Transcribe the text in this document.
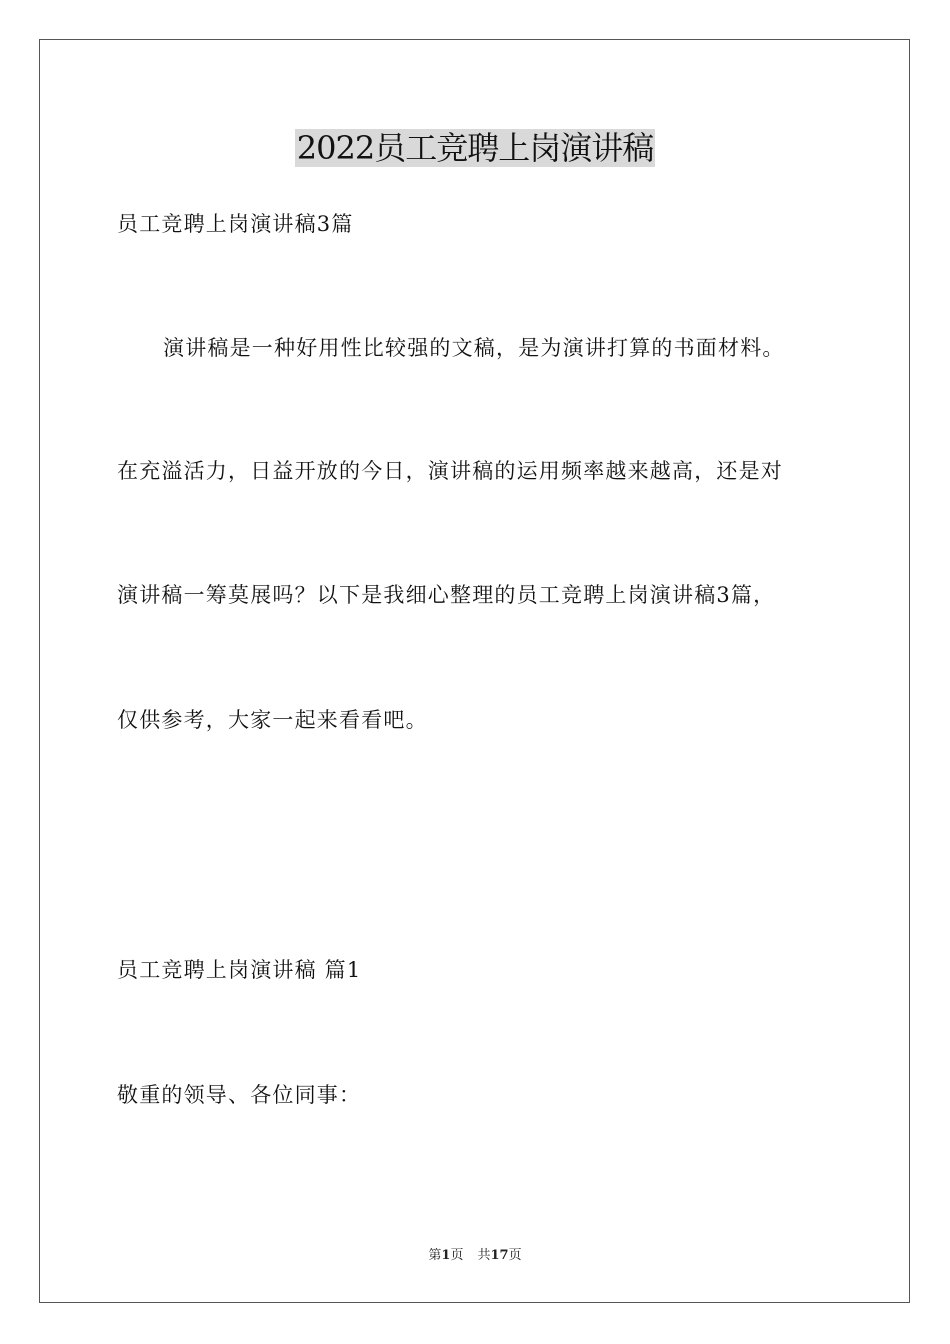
2022员工竞聘上岗演讲稿

员工竞聘上岗演讲稿3篇

演讲稿是一种好用性比较强的文稿，是为演讲打算的书面材料。

在充溢活力，日益开放的今日，演讲稿的运用频率越来越高，还是对

演讲稿一筹莫展吗？以下是我细心整理的员工竞聘上岗演讲稿3篇，

仅供参考，大家一起来看看吧。

员工竞聘上岗演讲稿 篇1

敬重的领导、各位同事：

第1页 共17页
